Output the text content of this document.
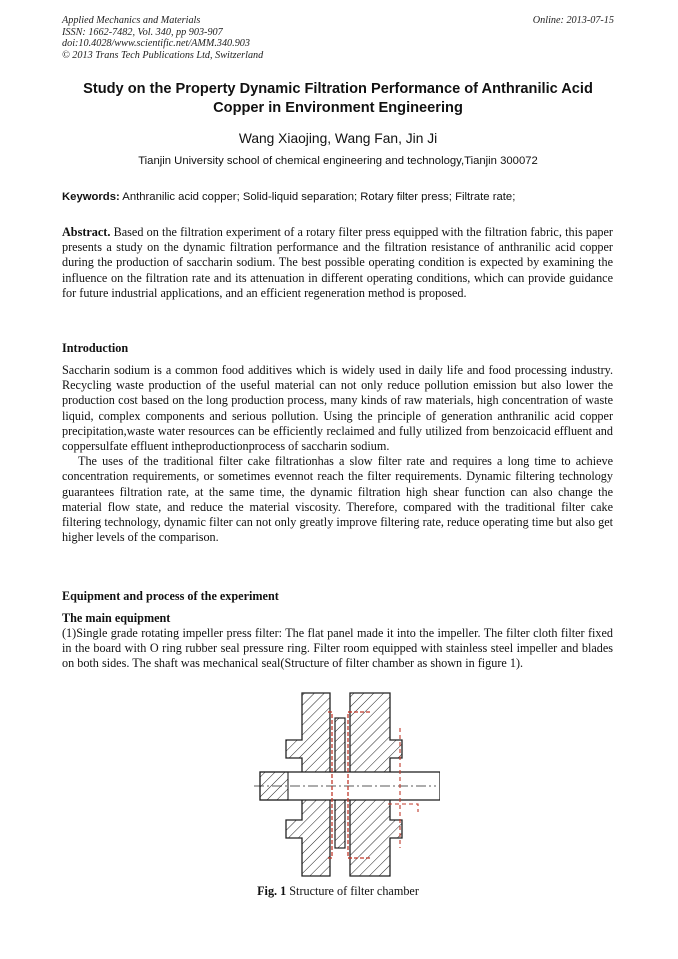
Applied Mechanics and Materials
ISSN: 1662-7482, Vol. 340, pp 903-907
doi:10.4028/www.scientific.net/AMM.340.903
© 2013 Trans Tech Publications Ltd, Switzerland
Online: 2013-07-15
Study on the Property Dynamic Filtration Performance of Anthranilic Acid Copper in Environment Engineering
Wang Xiaojing, Wang Fan, Jin Ji
Tianjin University school of chemical engineering and technology,Tianjin 300072
Keywords: Anthranilic acid copper; Solid-liquid separation; Rotary filter press; Filtrate rate;
Abstract. Based on the filtration experiment of a rotary filter press equipped with the filtration fabric, this paper presents a study on the dynamic filtration performance and the filtration resistance of anthranilic acid copper during the production of saccharin sodium. The best possible operating condition is expected by examining the influence on the filtration rate and its attenuation in different operating conditions, which can provide guidance for future industrial applications, and an efficient regeneration method is proposed.
Introduction
Saccharin sodium is a common food additives which is widely used in daily life and food processing industry. Recycling waste production of the useful material can not only reduce pollution emission but also lower the production cost based on the long production process, many kinds of raw materials, high concentration of waste liquid, complex components and serious pollution. Using the principle of generation anthranilic acid copper precipitation,waste water resources can be efficiently reclaimed and fully utilized from benzoicacid effluent and coppersulfate effluent intheproductionprocess of saccharin sodium.
The uses of the traditional filter cake filtrationhas a slow filter rate and requires a long time to achieve concentration requirements, or sometimes evennot reach the filter requirements. Dynamic filtering technology guarantees filtration rate, at the same time, the dynamic filtration high shear function can also change the material flow state, and reduce the material viscosity. Therefore, compared with the traditional filter cake filtering technology, dynamic filter can not only greatly improve filtering rate, reduce operating time but also get higher levels of the comparison.
Equipment and process of the experiment
The main equipment
(1)Single grade rotating impeller press filter: The flat panel made it into the impeller. The filter cloth filter fixed in the board with O ring rubber seal pressure ring. Filter room equipped with stainless steel impeller and blades on both sides. The shaft was mechanical seal(Structure of filter chamber as shown in figure 1).
Fig. 1 Structure of filter chamber
